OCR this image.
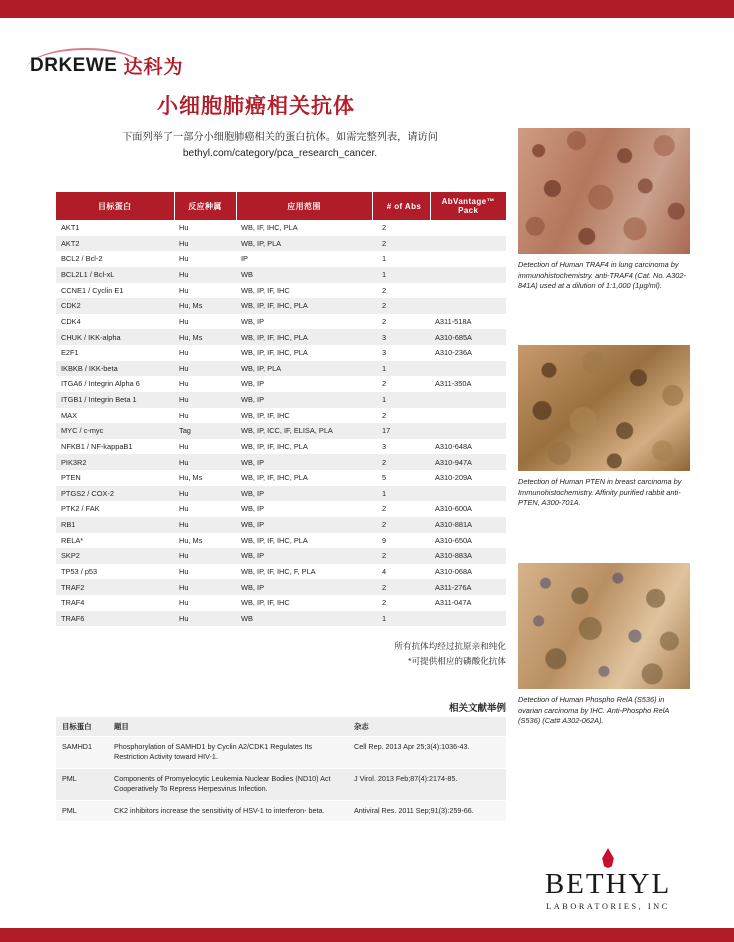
DRKEWE 达科为
bethyl.com
小细胞肺癌相关抗体
下面列举了一部分小细胞肺癌相关的蛋白抗体。如需完整列表，请访问
bethyl.com/category/pca_research_cancer.
目标蛋白	反应种属	应用范围	# of Abs	AbVantage™ Pack
AKT1	Hu	WB, IF, IHC, PLA	2	
AKT2	Hu	WB, IP, PLA	2	
BCL2 / Bcl-2	Hu	IP	1	
BCL2L1 / Bcl-xL	Hu	WB	1	
CCNE1 / Cyclin E1	Hu	WB, IP, IF, IHC	2	
CDK2	Hu, Ms	WB, IP, IF, IHC, PLA	2	
CDK4	Hu	WB, IP	2	A311-518A
CHUK / IKK-alpha	Hu, Ms	WB, IP, IF, IHC, PLA	3	A310-685A
E2F1	Hu	WB, IP, IF, IHC, PLA	3	A310-236A
IKBKB / IKK-beta	Hu	WB, IP, PLA	1	
ITGA6 / Integrin Alpha 6	Hu	WB, IP	2	A311-350A
ITGB1 / Integrin Beta 1	Hu	WB, IP	1	
MAX	Hu	WB, IP, IF, IHC	2	
MYC / c-myc	Tag	WB, IP, ICC, IF, ELISA, PLA	17	
NFKB1 / NF-kappaB1	Hu	WB, IP, IF, IHC, PLA	3	A310-648A
PIK3R2	Hu	WB, IP	2	A310-947A
PTEN	Hu, Ms	WB, IP, IF, IHC, PLA	5	A310-209A
PTGS2 / COX-2	Hu	WB, IP	1	
PTK2 / FAK	Hu	WB, IP	2	A310-600A
RB1	Hu	WB, IP	2	A310-881A
RELA*	Hu, Ms	WB, IP, IF, IHC, PLA	9	A310-650A
SKP2	Hu	WB, IP	2	A310-883A
TP53 / p53	Hu	WB, IP, IF, IHC, F, PLA	4	A310-068A
TRAF2	Hu	WB, IP	2	A311-276A
TRAF4	Hu	WB, IP, IF, IHC	2	A311-047A
TRAF6	Hu	WB	1	
所有抗体均经过抗原亲和纯化
*可提供相应的磷酸化抗体
相关文献举例
目标蛋白	题目	杂志
SAMHD1	Phosphorylation of SAMHD1 by Cyclin A2/CDK1 Regulates Its Restriction Activity toward HIV-1.	Cell Rep. 2013 Apr 25;3(4):1036-43.
PML	Components of Promyelocytic Leukemia Nuclear Bodies (ND10) Act Cooperatively To Repress Herpesvirus Infection.	J Virol. 2013 Feb;87(4):2174-85.
PML	CK2 inhibitors increase the sensitivity of HSV-1 to interferon- beta.	Antiviral Res. 2011 Sep;91(3):259-66.
Detection of Human TRAF4 in lung carcinoma by immunohistochemistry. anti-TRAF4 (Cat. No. A302-841A) used at a dilution of 1:1,000 (1µg/ml).
Detection of Human PTEN in breast carcinoma by Immunohistochemistry. Affinity purified rabbit anti-PTEN, A300-701A.
Detection of Human Phospho RelA (S536) in ovarian carcinoma by IHC. Anti-Phospho RelA (S536) (Cat# A302-062A).
BETHYL
LABORATORIES, INC
